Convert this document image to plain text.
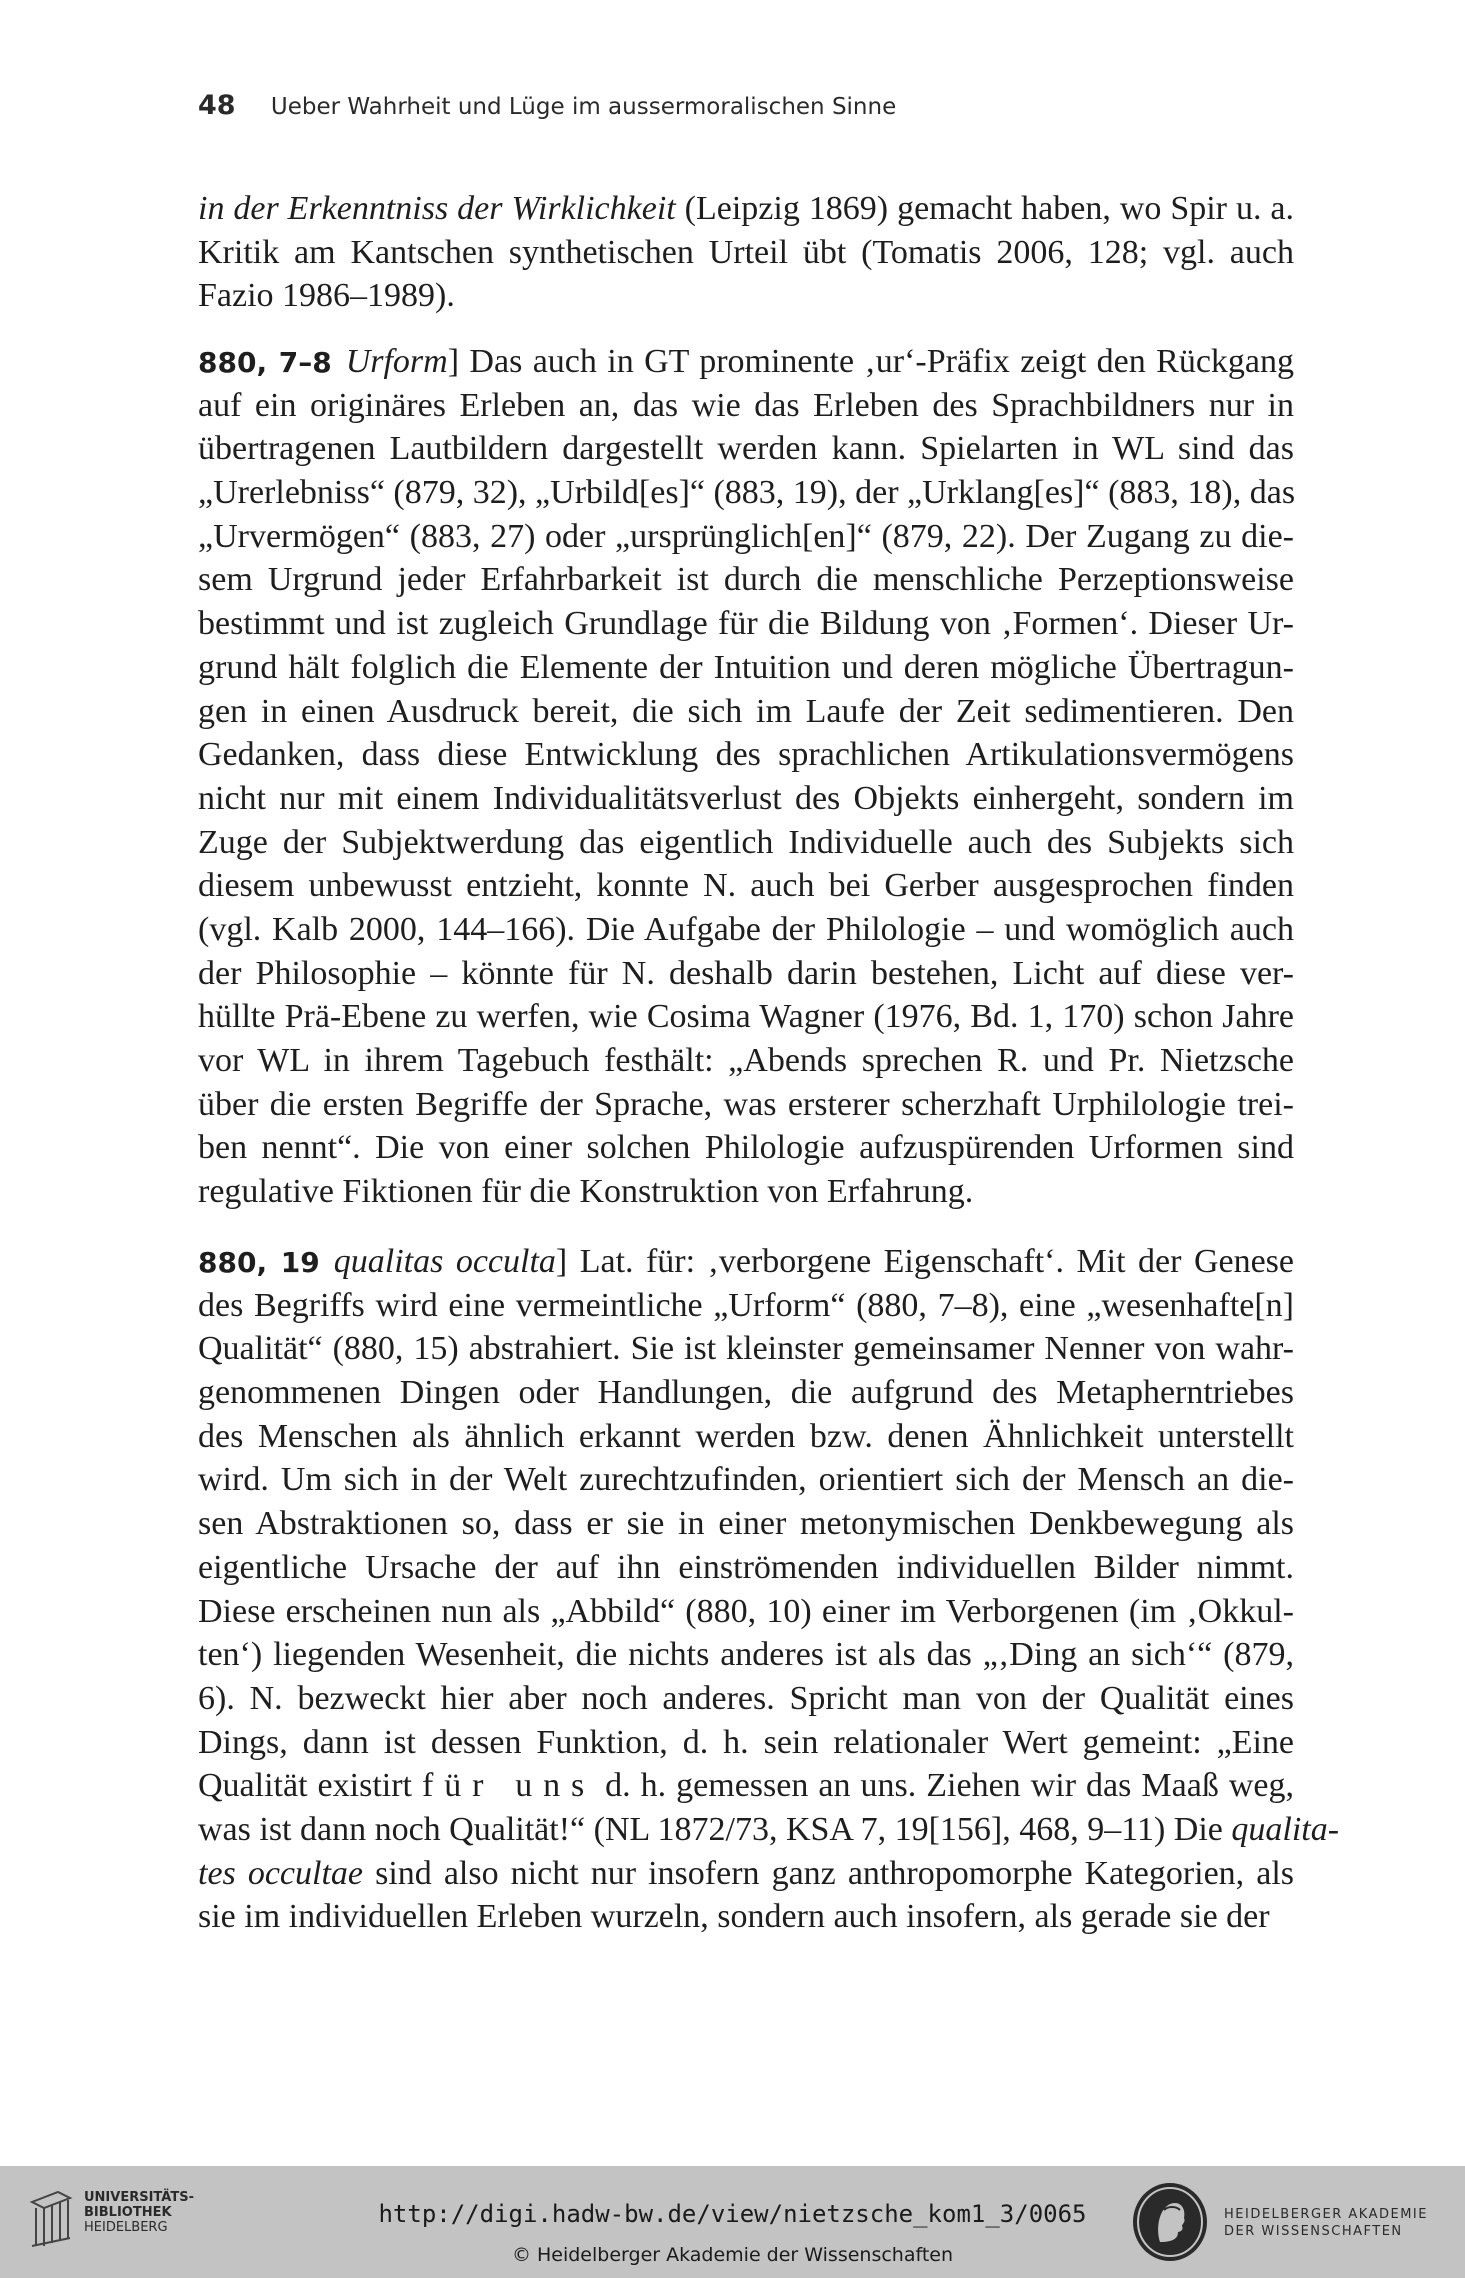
48 Ueber Wahrheit und Lüge im aussermoralischen Sinne
in der Erkenntniss der Wirklichkeit (Leipzig 1869) gemacht haben, wo Spir u. a.
Kritik am Kantschen synthetischen Urteil übt (Tomatis 2006, 128; vgl. auch
Fazio 1986–1989).
880, 7–8 Urform] Das auch in GT prominente ‚ur‘-Präfix zeigt den Rückgang
auf ein originäres Erleben an, das wie das Erleben des Sprachbildners nur in
übertragenen Lautbildern dargestellt werden kann. Spielarten in WL sind das
„Urerlebniss“ (879, 32), „Urbild[es]“ (883, 19), der „Urklang[es]“ (883, 18), das
„Urvermögen“ (883, 27) oder „ursprünglich[en]“ (879, 22). Der Zugang zu die-
sem Urgrund jeder Erfahrbarkeit ist durch die menschliche Perzeptionsweise
bestimmt und ist zugleich Grundlage für die Bildung von ‚Formen‘. Dieser Ur-
grund hält folglich die Elemente der Intuition und deren mögliche Übertragun-
gen in einen Ausdruck bereit, die sich im Laufe der Zeit sedimentieren. Den
Gedanken, dass diese Entwicklung des sprachlichen Artikulationsvermögens
nicht nur mit einem Individualitätsverlust des Objekts einhergeht, sondern im
Zuge der Subjektwerdung das eigentlich Individuelle auch des Subjekts sich
diesem unbewusst entzieht, konnte N. auch bei Gerber ausgesprochen finden
(vgl. Kalb 2000, 144–166). Die Aufgabe der Philologie – und womöglich auch
der Philosophie – könnte für N. deshalb darin bestehen, Licht auf diese ver-
hüllte Prä-Ebene zu werfen, wie Cosima Wagner (1976, Bd. 1, 170) schon Jahre
vor WL in ihrem Tagebuch festhält: „Abends sprechen R. und Pr. Nietzsche
über die ersten Begriffe der Sprache, was ersterer scherzhaft Urphilologie trei-
ben nennt“. Die von einer solchen Philologie aufzuspürenden Urformen sind
regulative Fiktionen für die Konstruktion von Erfahrung.
880, 19 qualitas occulta] Lat. für: ‚verborgene Eigenschaft‘. Mit der Genese
des Begriffs wird eine vermeintliche „Urform“ (880, 7–8), eine „wesenhafte[n]
Qualität“ (880, 15) abstrahiert. Sie ist kleinster gemeinsamer Nenner von wahr-
genommenen Dingen oder Handlungen, die aufgrund des Metapherntriebes
des Menschen als ähnlich erkannt werden bzw. denen Ähnlichkeit unterstellt
wird. Um sich in der Welt zurechtzufinden, orientiert sich der Mensch an die-
sen Abstraktionen so, dass er sie in einer metonymischen Denkbewegung als
eigentliche Ursache der auf ihn einströmenden individuellen Bilder nimmt.
Diese erscheinen nun als „Abbild“ (880, 10) einer im Verborgenen (im ‚Okkul-
ten‘) liegenden Wesenheit, die nichts anderes ist als das „‚Ding an sich‘“ (879,
6). N. bezweckt hier aber noch anderes. Spricht man von der Qualität eines
Dings, dann ist dessen Funktion, d. h. sein relationaler Wert gemeint: „Eine
Qualität existirt für uns d. h. gemessen an uns. Ziehen wir das Maaß weg,
was ist dann noch Qualität!“ (NL 1872/73, KSA 7, 19[156], 468, 9–11) Die qualita-
tes occultae sind also nicht nur insofern ganz anthropomorphe Kategorien, als
sie im individuellen Erleben wurzeln, sondern auch insofern, als gerade sie der
UNIVERSITÄTS-
BIBLIOTHEK
HEIDELBERG	http://digi.hadw-bw.de/view/nietzsche_kom1_3/0065
© Heidelberger Akademie der Wissenschaften
HEIDELBERGER AKADEMIE
DER WISSENSCHAFTEN
